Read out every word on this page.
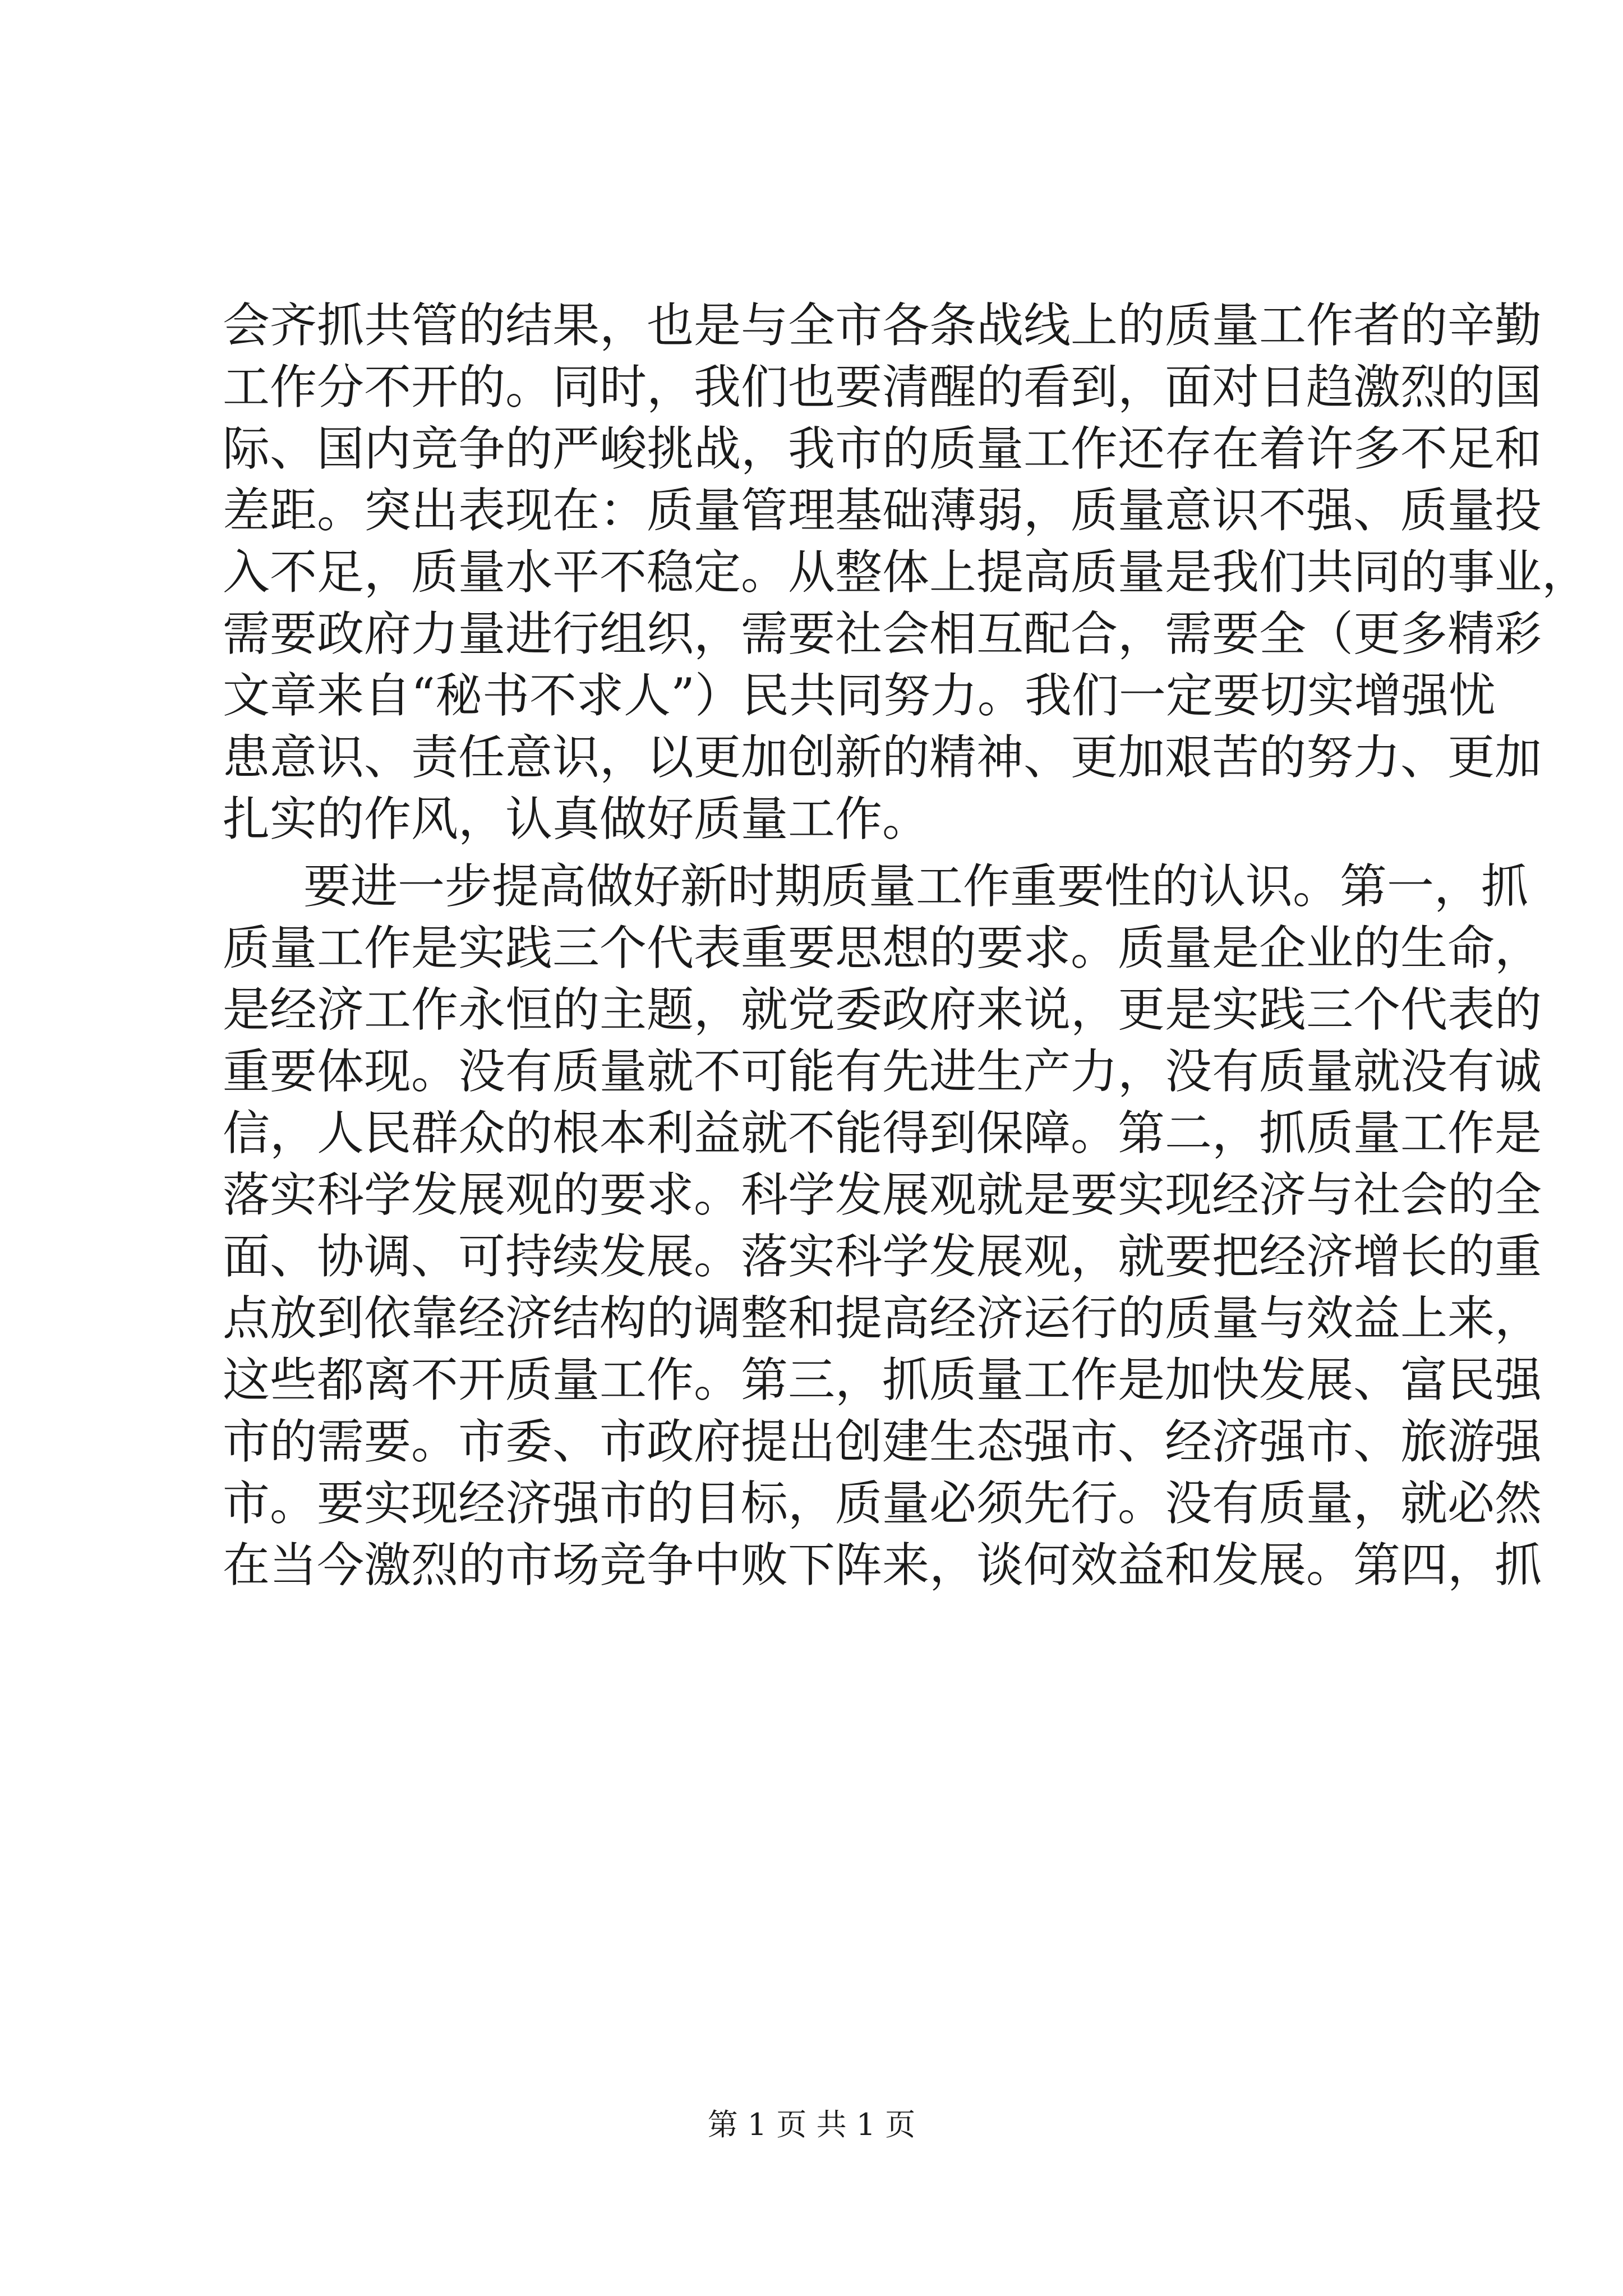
会齐抓共管的结果，也是与全市各条战线上的质量工作者的辛勤
工作分不开的。同时，我们也要清醒的看到，面对日趋激烈的国
际、国内竞争的严峻挑战，我市的质量工作还存在着许多不足和
差距。突出表现在：质量管理基础薄弱，质量意识不强、质量投
入不足，质量水平不稳定。从整体上提高质量是我们共同的事业，
需要政府力量进行组织，需要社会相互配合，需要全（更多精彩
文章来自“秘书不求人”）民共同努力。我们一定要切实增强忧
患意识、责任意识，以更加创新的精神、更加艰苦的努力、更加
扎实的作风，认真做好质量工作。
要进一步提高做好新时期质量工作重要性的认识。第一，抓
质量工作是实践三个代表重要思想的要求。质量是企业的生命，
是经济工作永恒的主题，就党委政府来说，更是实践三个代表的
重要体现。没有质量就不可能有先进生产力，没有质量就没有诚
信，人民群众的根本利益就不能得到保障。第二，抓质量工作是
落实科学发展观的要求。科学发展观就是要实现经济与社会的全
面、协调、可持续发展。落实科学发展观，就要把经济增长的重
点放到依靠经济结构的调整和提高经济运行的质量与效益上来，
这些都离不开质量工作。第三，抓质量工作是加快发展、富民强
市的需要。市委、市政府提出创建生态强市、经济强市、旅游强
市。要实现经济强市的目标，质量必须先行。没有质量，就必然
在当今激烈的市场竞争中败下阵来，谈何效益和发展。第四，抓
第 1 页 共 1 页
